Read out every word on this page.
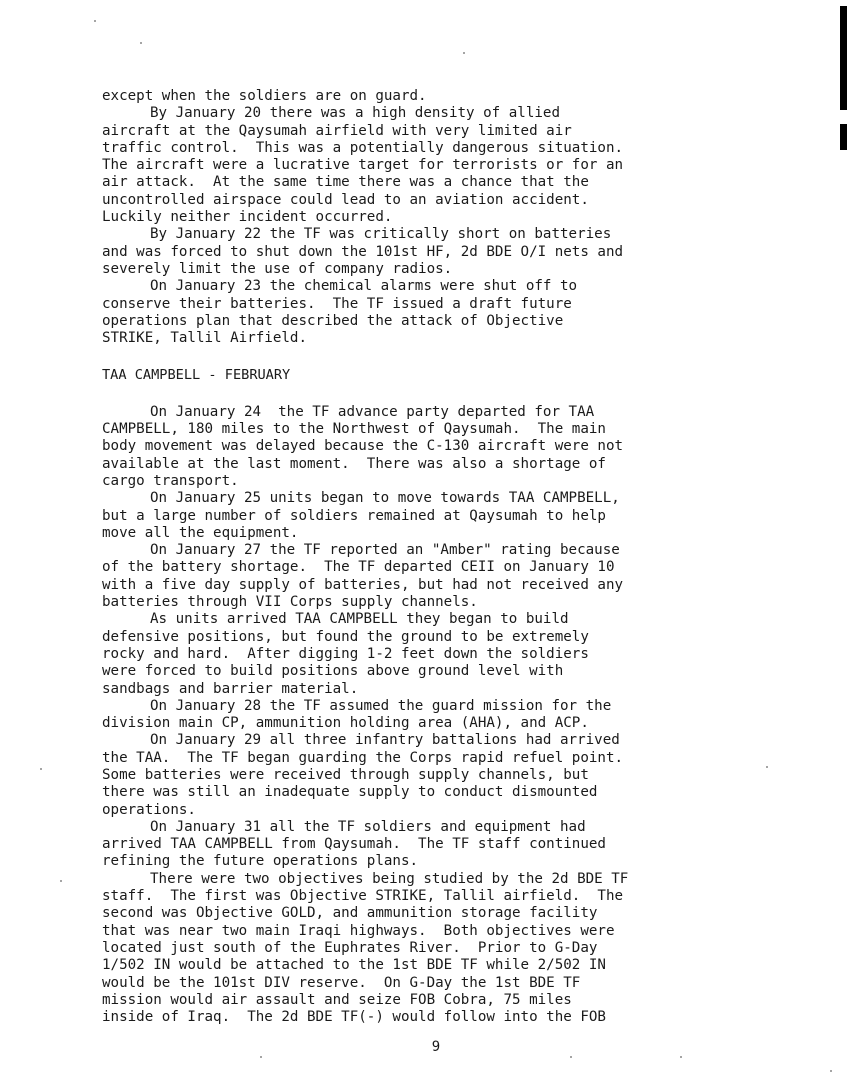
except when the soldiers are on guard.

By January 20 there was a high density of allied

aircraft at the Qaysumah airfield with very limited air

traffic control.  This was a potentially dangerous situation.

The aircraft were a lucrative target for terrorists or for an

air attack.  At the same time there was a chance that the

uncontrolled airspace could lead to an aviation accident.

Luckily neither incident occurred.

By January 22 the TF was critically short on batteries

and was forced to shut down the 101st HF, 2d BDE O/I nets and

severely limit the use of company radios.

On January 23 the chemical alarms were shut off to

conserve their batteries.  The TF issued a draft future

operations plan that described the attack of Objective

STRIKE, Tallil Airfield.

TAA CAMPBELL - FEBRUARY

On January 24  the TF advance party departed for TAA

CAMPBELL, 180 miles to the Northwest of Qaysumah.  The main

body movement was delayed because the C-130 aircraft were not

available at the last moment.  There was also a shortage of

cargo transport.

On January 25 units began to move towards TAA CAMPBELL,

but a large number of soldiers remained at Qaysumah to help

move all the equipment.

On January 27 the TF reported an "Amber" rating because

of the battery shortage.  The TF departed CEII on January 10

with a five day supply of batteries, but had not received any

batteries through VII Corps supply channels.

As units arrived TAA CAMPBELL they began to build

defensive positions, but found the ground to be extremely

rocky and hard.  After digging 1-2 feet down the soldiers

were forced to build positions above ground level with

sandbags and barrier material.

On January 28 the TF assumed the guard mission for the

division main CP, ammunition holding area (AHA), and ACP.

On January 29 all three infantry battalions had arrived

the TAA.  The TF began guarding the Corps rapid refuel point.

Some batteries were received through supply channels, but

there was still an inadequate supply to conduct dismounted

operations.

On January 31 all the TF soldiers and equipment had

arrived TAA CAMPBELL from Qaysumah.  The TF staff continued

refining the future operations plans.

There were two objectives being studied by the 2d BDE TF

staff.  The first was Objective STRIKE, Tallil airfield.  The

second was Objective GOLD, and ammunition storage facility

that was near two main Iraqi highways.  Both objectives were

located just south of the Euphrates River.  Prior to G-Day

1/502 IN would be attached to the 1st BDE TF while 2/502 IN

would be the 101st DIV reserve.  On G-Day the 1st BDE TF

mission would air assault and seize FOB Cobra, 75 miles

inside of Iraq.  The 2d BDE TF(-) would follow into the FOB

9
